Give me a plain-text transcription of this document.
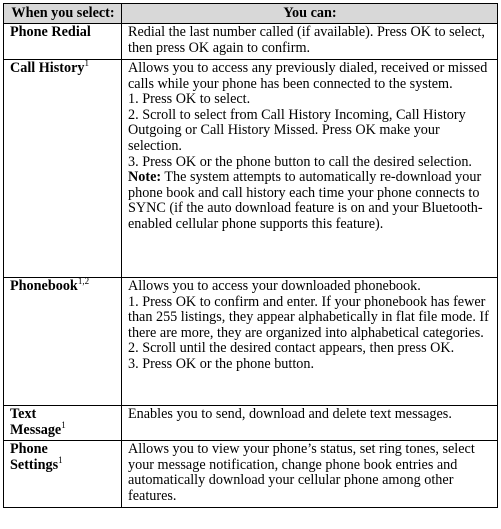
When you select:	You can:
Phone Redial	Redial the last number called (if available). Press OK to select, then press OK again to confirm.
Call History$^1$	Allows you to access any previously dialed, received or missed calls while your phone has been connected to the system.
1. Press OK to select.
2. Scroll to select from Call History Incoming, Call History Outgoing or Call History Missed. Press OK make your selection.
3. Press OK or the phone button to call the desired selection.
Note: The system attempts to automatically re-download your phone book and call history each time your phone connects to SYNC (if the auto download feature is on and your Bluetooth-enabled cellular phone supports this feature).

Phonebook$^{1,2}$	Allows you to access your downloaded phonebook.
1. Press OK to confirm and enter. If your phonebook has fewer than 255 listings, they appear alphabetically in flat file mode. If there are more, they are organized into alphabetical categories.
2. Scroll until the desired contact appears, then press OK.
3. Press OK or the phone button.

Text
Message$^1$	Enables you to send, download and delete text messages.

Phone
Settings$^1$	Allows you to view your phone’s status, set ring tones, select your message notification, change phone book entries and automatically download your cellular phone among other features.
